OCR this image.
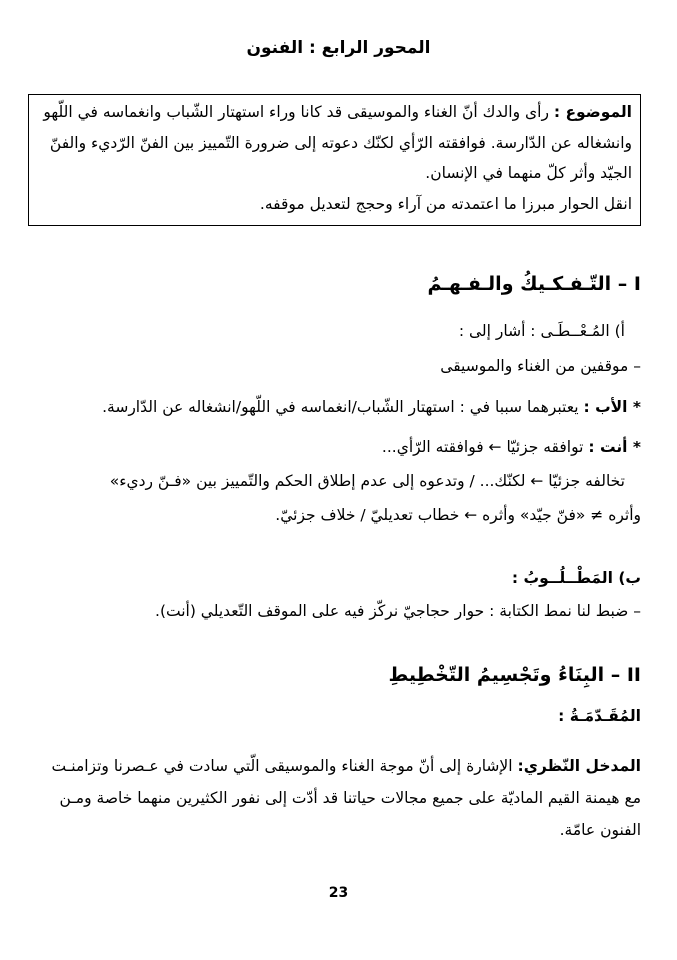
المحور الرابع : الفنون
الموضوع : رأى والدك أنّ الغناء والموسيقى قد كانا وراء استهتار الشّباب وانغماسه في اللّهو
وانشغاله عن الدّارسة. فوافقته الرّأي لكنّك دعوته إلى ضرورة التّمييز بين الفنّ الرّديء والفنّ
الجيّد وأثر كلّ منهما في الإنسان.
انقل الحوار مبرزا ما اعتمدته من آراء وحجج لتعديل موقفه.
I – التّـفـكـيكُ والـفـهـمُ
أ) المُـعْــطَـى : أشار إلى :
– موقفين من الغناء والموسيقى
* الأب : يعتبرهما سببا في : استهتار الشّباب/انغماسه في اللّهو/انشغاله عن الدّارسة.
* أنت : توافقه جزئيّا ← فوافقته الرّأي...
تخالفه جزئيّا ← لكنّك... / وتدعوه إلى عدم إطلاق الحكم والتّمييز بين «فـنّ رديء»
وأثره ≠ «فنّ جيّد» وأثره ← خطاب تعديليّ / خلاف جزئيّ.
ب) المَطْــلُــوبُ :
– ضبط لنا نمط الكتابة : حوار حجاجيّ نركّز فيه على الموقف التّعديلي (أنت).
II – البِنَاءُ وتَجْسِيمُ التّخْطِيطِ
المُقَـدّمَـةُ :
المدخل النّظري: الإشارة إلى أنّ موجة الغناء والموسيقى الّتي سادت في عـصرنا وتزامنـت
مع هيمنة القيم الماديّة على جميع مجالات حياتنا قد أدّت إلى نفور الكثيرين منهما خاصة ومـن
الفنون عامّة.
23
